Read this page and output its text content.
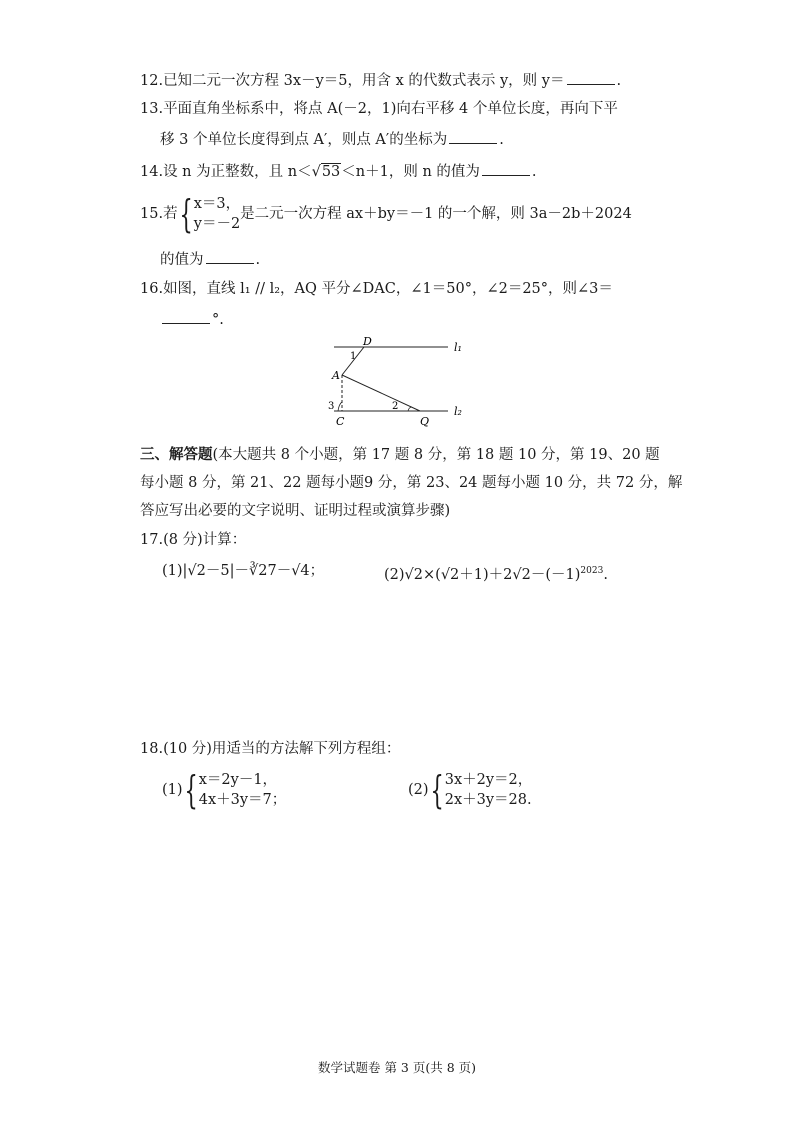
12.已知二元一次方程 3x－y＝5，用含 x 的代数式表示 y，则 y＝	.
13.平面直角坐标系中，将点 A(－2，1)向右平移 4 个单位长度，再向下平
移 3 个单位长度得到点 A′，则点 A′的坐标为	.
14.设 n 为正整数，且 n＜√53＜n＋1，则 n 的值为	.
15.若{ x＝3，
y＝－2
是二元一次方程 ax＋by＝－1 的一个解，则 3a－2b＋2024
的值为	.
16.如图，直线 l₁ // l₂，AQ 平分∠DAC，∠1＝50°，∠2＝25°，则∠3＝
°.
D
A
C	Q
l₁
l₂
1
2
3
三、解答题(本大题共 8 个小题，第 17 题 8 分，第 18 题 10 分，第 19、20 题
每小题 8 分，第 21、22 题每小题9 分，第 23、24 题每小题 10 分，共 72 分，解
答应写出必要的文字说明、证明过程或演算步骤)
17.(8 分)计算：
(1)|√2－5|－∛27－√4；	$(2)√2\times(√2+1)+2√2-(-1)^{2023}$.
18.(10 分)用适当的方法解下列方程组：
(1){ x＝2y－1，
4x＋3y＝7；
(2){ 3x＋2y＝2，
2x＋3y＝28.
数学试题卷 第 3 页(共 8 页)
